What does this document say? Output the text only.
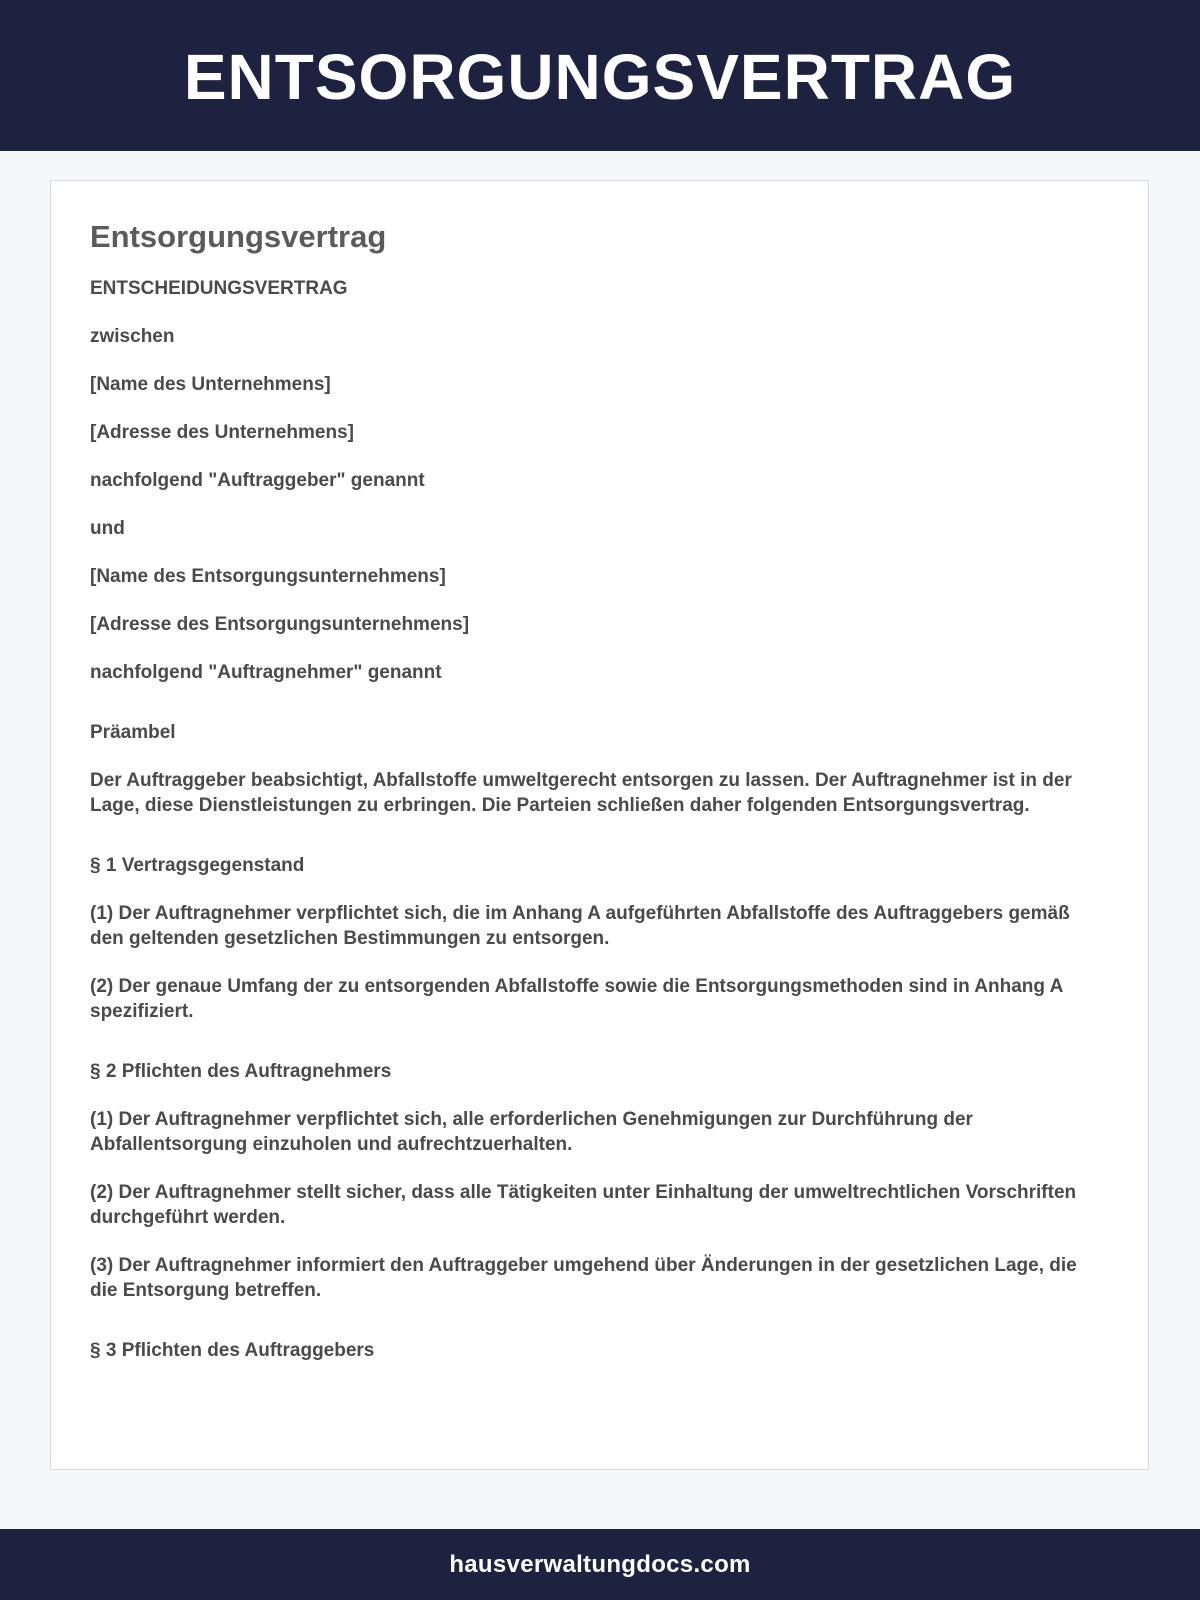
ENTSORGUNGSVERTRAG
Entsorgungsvertrag

ENTSCHEIDUNGSVERTRAG

zwischen

[Name des Unternehmens]

[Adresse des Unternehmens]

nachfolgend "Auftraggeber" genannt

und

[Name des Entsorgungsunternehmens]

[Adresse des Entsorgungsunternehmens]

nachfolgend "Auftragnehmer" genannt

Präambel

Der Auftraggeber beabsichtigt, Abfallstoffe umweltgerecht entsorgen zu lassen. Der Auftragnehmer ist in der Lage, diese Dienstleistungen zu erbringen. Die Parteien schließen daher folgenden Entsorgungsvertrag.

§ 1 Vertragsgegenstand

(1) Der Auftragnehmer verpflichtet sich, die im Anhang A aufgeführten Abfallstoffe des Auftraggebers gemäß den geltenden gesetzlichen Bestimmungen zu entsorgen.

(2) Der genaue Umfang der zu entsorgenden Abfallstoffe sowie die Entsorgungsmethoden sind in Anhang A spezifiziert.

§ 2 Pflichten des Auftragnehmers

(1) Der Auftragnehmer verpflichtet sich, alle erforderlichen Genehmigungen zur Durchführung der Abfallentsorgung einzuholen und aufrechtzuerhalten.

(2) Der Auftragnehmer stellt sicher, dass alle Tätigkeiten unter Einhaltung der umweltrechtlichen Vorschriften durchgeführt werden.

(3) Der Auftragnehmer informiert den Auftraggeber umgehend über Änderungen in der gesetzlichen Lage, die die Entsorgung betreffen.

§ 3 Pflichten des Auftraggebers

hausverwaltungdocs.com
